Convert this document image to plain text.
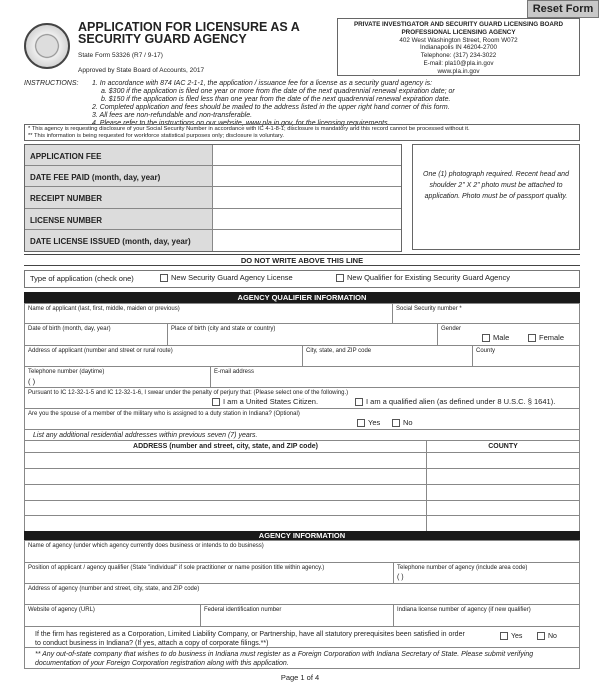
Reset Form
APPLICATION FOR LICENSURE AS A SECURITY GUARD AGENCY
State Form 53326 (R7 / 9-17)
Approved by State Board of Accounts, 2017
PRIVATE INVESTIGATOR AND SECURITY GUARD LICENSING BOARD
PROFESSIONAL LICENSING AGENCY
402 West Washington Street, Room W072
Indianapolis IN 46204-2700
Telephone: (317) 234-3022
E-mail: pla10@pla.in.gov
www.pla.in.gov
INSTRUCTIONS: 1. In accordance with 874 IAC 2-1-1, the application / issuance fee for a license as a security guard agency is:
a. $300 if the application is filed one year or more from the date of the next quadrennial renewal expiration date; or
b. $150 if the application is filed less than one year from the date of the next quadrennial renewal expiration date.
2. Completed application and fees should be mailed to the address listed in the upper right hand corner of this form.
3. All fees are non-refundable and non-transferable.
4. Please refer to the instructions on our website, www.pla.in.gov, for the licensing requirements.
* This agency is requesting disclosure of your Social Security Number in accordance with IC 4-1-8-1; disclosure is mandatory and this record cannot be processed without it.
** This information is being requested for workforce statistical purposes only; disclosure is voluntary.
APPLICATION FEE
DATE FEE PAID (month, day, year)
RECEIPT NUMBER
LICENSE NUMBER
DATE LICENSE ISSUED (month, day, year)
One (1) photograph required. Recent head and shoulder 2" X 2" photo must be attached to application. Photo must be of passport quality.
DO NOT WRITE ABOVE THIS LINE
Type of application (check one)	New Security Guard Agency License	New Qualifier for Existing Security Guard Agency
AGENCY QUALIFIER INFORMATION
Name of applicant (last, first, middle, maiden or previous)	Social Security number *
Date of birth (month, day, year)	Place of birth (city and state or country)	Gender
Male	Female
Address of applicant (number and street or rural route)	City, state, and ZIP code	County
Telephone number (daytime)
( )
E-mail address
Pursuant to IC 12-32-1-5 and IC 12-32-1-6, I swear under the penalty of perjury that: (Please select one of the following.)
I am a United States Citizen.	I am a qualified alien (as defined under 8 U.S.C. § 1641).
Are you the spouse of a member of the military who is assigned to a duty station in Indiana? (Optional)
Yes	No
List any additional residential addresses within previous seven (7) years.
ADDRESS (number and street, city, state, and ZIP code)	COUNTY
AGENCY INFORMATION
Name of agency (under which agency currently does business or intends to do business)
Position of applicant / agency qualifier (State "individual" if sole practitioner or name position title within agency.)	Telephone number of agency (include area code)
( )
Address of agency (number and street, city, state, and ZIP code)
Website of agency (URL)	Federal identification number	Indiana license number of agency (if new qualifier)
If the firm has registered as a Corporation, Limited Liability Company, or Partnership, have all statutory prerequisites been satisfied in order to conduct business in Indiana? (If yes, attach a copy of corporate filings.**)
Yes	No
** Any out-of-state company that wishes to do business in Indiana must register as a Foreign Corporation with Indiana Secretary of State. Please submit verifying documentation of your Foreign Corporation registration along with this application.
Page 1 of 4
